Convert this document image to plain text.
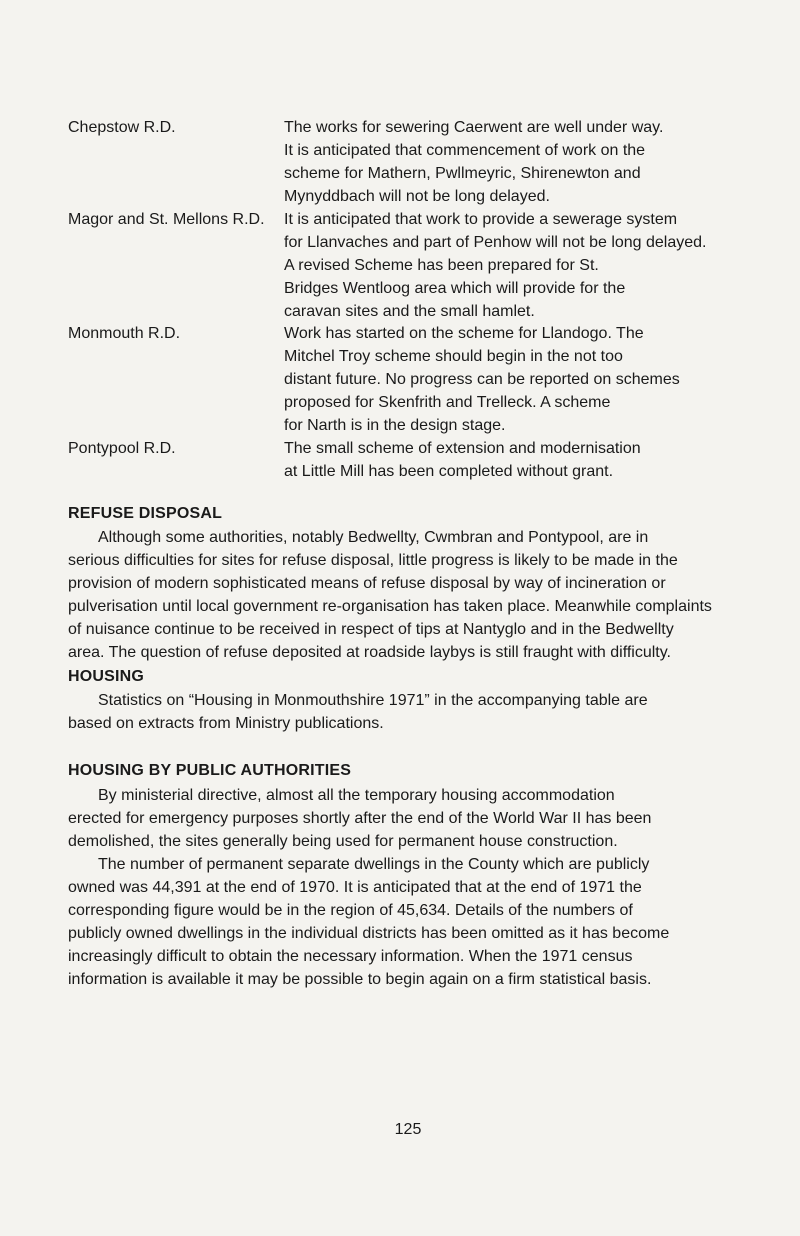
Chepstow R.D.	The works for sewering Caerwent are well under way.
It is anticipated that commencement of work on the
scheme for Mathern, Pwllmeyric, Shirenewton and
Mynyddbach will not be long delayed.
Magor and St. Mellons R.D.	It is anticipated that work to provide a sewerage system
for Llanvaches and part of Penhow will not be long delayed.
A revised Scheme has been prepared for St.
Bridges Wentloog area which will provide for the
caravan sites and the small hamlet.
Monmouth R.D.	Work has started on the scheme for Llandogo. The
Mitchel Troy scheme should begin in the not too
distant future. No progress can be reported on schemes
proposed for Skenfrith and Trelleck. A scheme
for Narth is in the design stage.
Pontypool R.D.	The small scheme of extension and modernisation
at Little Mill has been completed without grant.
REFUSE DISPOSAL
Although some authorities, notably Bedwellty, Cwmbran and Pontypool, are in
serious difficulties for sites for refuse disposal, little progress is likely to be made in the
provision of modern sophisticated means of refuse disposal by way of incineration or
pulverisation until local government re-organisation has taken place. Meanwhile complaints
of nuisance continue to be received in respect of tips at Nantyglo and in the Bedwellty
area. The question of refuse deposited at roadside laybys is still fraught with difficulty.
HOUSING
Statistics on “Housing in Monmouthshire 1971” in the accompanying table are
based on extracts from Ministry publications.
HOUSING BY PUBLIC AUTHORITIES
By ministerial directive, almost all the temporary housing accommodation
erected for emergency purposes shortly after the end of the World War II has been
demolished, the sites generally being used for permanent house construction.
The number of permanent separate dwellings in the County which are publicly
owned was 44,391 at the end of 1970. It is anticipated that at the end of 1971 the
corresponding figure would be in the region of 45,634. Details of the numbers of
publicly owned dwellings in the individual districts has been omitted as it has become
increasingly difficult to obtain the necessary information. When the 1971 census
information is available it may be possible to begin again on a firm statistical basis.
125
